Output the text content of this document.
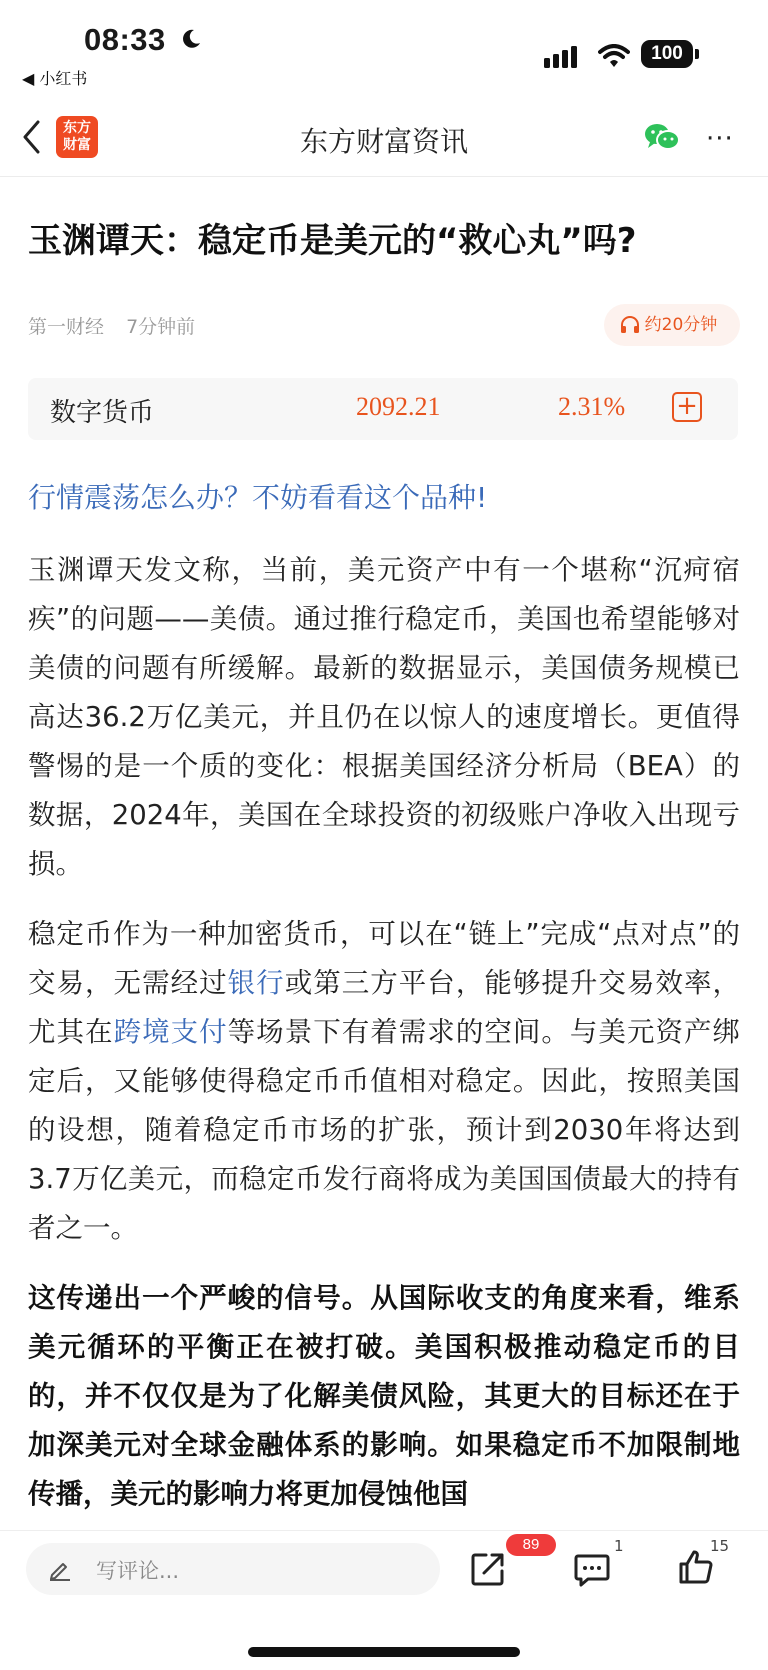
08:33
◀ 小红书
100
东方
财富	东方财富资讯	···
玉渊谭天：稳定币是美元的“救心丸”吗?
第一财经 7分钟前	约20分钟
数字货币	2092.21	2.31% +
行情震荡怎么办？不妨看看这个品种!
玉渊谭天发文称，当前，美元资产中有一个堪称“沉疴宿疾”的问题——美债。通过推行稳定币，美国也希望能够对美债的问题有所缓解。最新的数据显示，美国债务规模已高达36.2万亿美元，并且仍在以惊人的速度增长。更值得警惕的是一个质的变化：根据美国经济分析局（BEA）的数据，2024年，美国在全球投资的初级账户净收入出现亏损。
稳定币作为一种加密货币，可以在“链上”完成“点对点”的交易，无需经过银行或第三方平台，能够提升交易效率，尤其在跨境支付等场景下有着需求的空间。与美元资产绑定后，又能够使得稳定币币值相对稳定。因此，按照美国的设想，随着稳定币市场的扩张，预计到2030年将达到3.7万亿美元，而稳定币发行商将成为美国国债最大的持有者之一。
这传递出一个严峻的信号。从国际收支的角度来看，维系美元循环的平衡正在被打破。美国积极推动稳定币的目的，并不仅仅是为了化解美债风险，其更大的目标还在于加深美元对全球金融体系的影响。如果稳定币不加限制地传播，美元的影响力将更加侵蚀他国
写评论...
89	1	15
